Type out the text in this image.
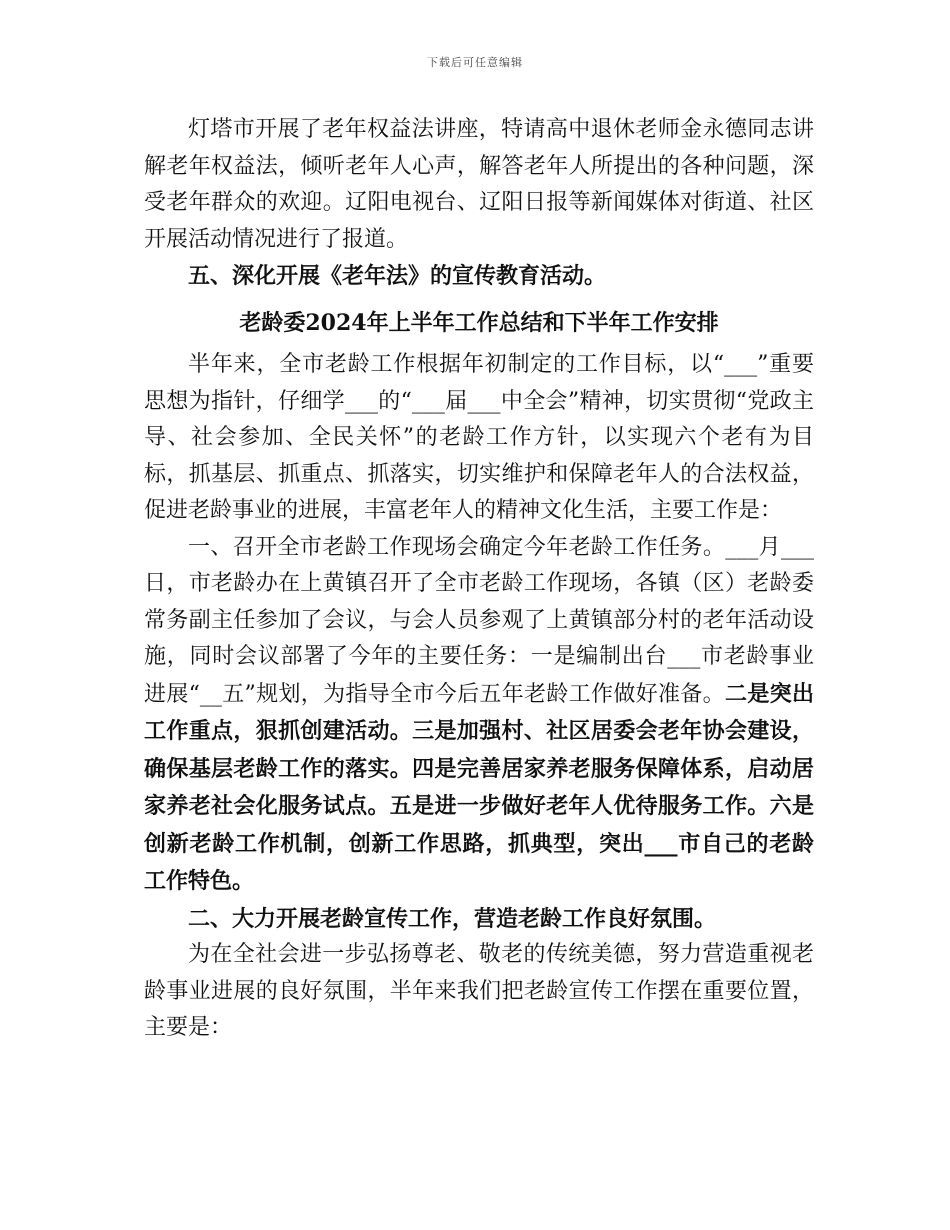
下载后可任意编辑

灯塔市开展了老年权益法讲座，特请高中退休老师金永德同志讲解老年权益法，倾听老年人心声，解答老年人所提出的各种问题，深受老年群众的欢迎。辽阳电视台、辽阳日报等新闻媒体对街道、社区开展活动情况进行了报道。

五、深化开展《老年法》的宣传教育活动。

老龄委2024年上半年工作总结和下半年工作安排

半年来，全市老龄工作根据年初制定的工作目标，以“___”重要思想为指针，仔细学___的“___届___中全会”精神，切实贯彻“党政主导、社会参加、全民关怀”的老龄工作方针，以实现六个老有为目标，抓基层、抓重点、抓落实，切实维护和保障老年人的合法权益，促进老龄事业的进展，丰富老年人的精神文化生活，主要工作是：

一、召开全市老龄工作现场会确定今年老龄工作任务。___月___日，市老龄办在上黄镇召开了全市老龄工作现场，各镇（区）老龄委常务副主任参加了会议，与会人员参观了上黄镇部分村的老年活动设施，同时会议部署了今年的主要任务：一是编制出台___市老龄事业进展“__五”规划，为指导全市今后五年老龄工作做好准备。二是突出工作重点，狠抓创建活动。三是加强村、社区居委会老年协会建设，确保基层老龄工作的落实。四是完善居家养老服务保障体系，启动居家养老社会化服务试点。五是进一步做好老年人优待服务工作。六是创新老龄工作机制，创新工作思路，抓典型，突出___市自己的老龄工作特色。

二、大力开展老龄宣传工作，营造老龄工作良好氛围。

为在全社会进一步弘扬尊老、敬老的传统美德，努力营造重视老龄事业进展的良好氛围，半年来我们把老龄宣传工作摆在重要位置，主要是：
